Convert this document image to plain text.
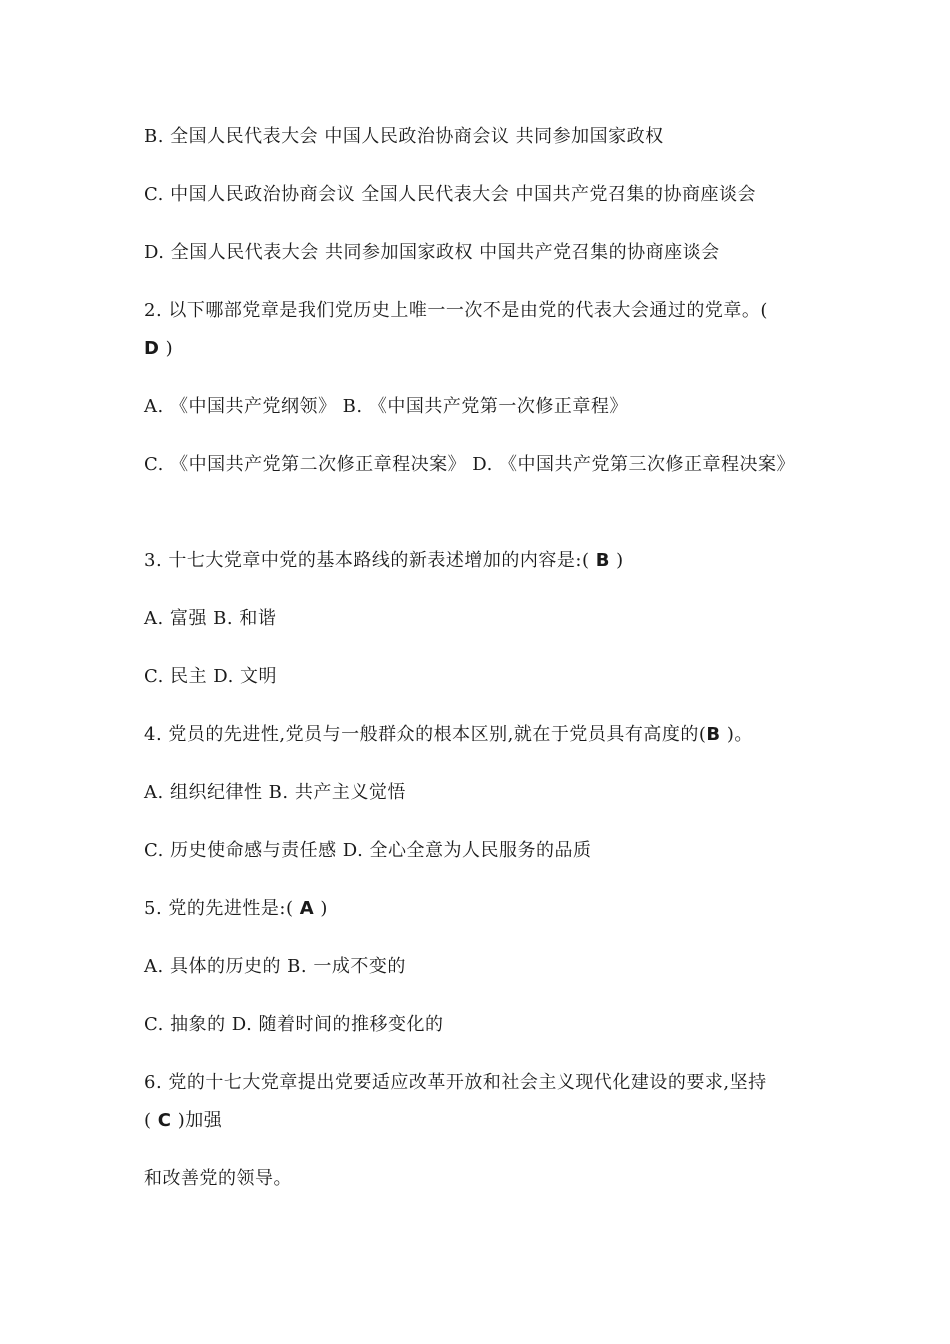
B. 全国人民代表大会 中国人民政治协商会议 共同参加国家政权
C. 中国人民政治协商会议 全国人民代表大会 中国共产党召集的协商座谈会
D. 全国人民代表大会 共同参加国家政权 中国共产党召集的协商座谈会
2. 以下哪部党章是我们党历史上唯一一次不是由党的代表大会通过的党章。(
D )
A. 《中国共产党纲领》 B. 《中国共产党第一次修正章程》
C. 《中国共产党第二次修正章程决案》 D. 《中国共产党第三次修正章程决案》
3. 十七大党章中党的基本路线的新表述增加的内容是:( B )
A. 富强 B. 和谐
C. 民主 D. 文明
4. 党员的先进性,党员与一般群众的根本区别,就在于党员具有高度的(B )。
A. 组织纪律性 B. 共产主义觉悟
C. 历史使命感与责任感 D. 全心全意为人民服务的品质
5. 党的先进性是:( A )
A. 具体的历史的 B. 一成不变的
C. 抽象的 D. 随着时间的推移变化的
6. 党的十七大党章提出党要适应改革开放和社会主义现代化建设的要求,坚持
( C )加强
和改善党的领导。
